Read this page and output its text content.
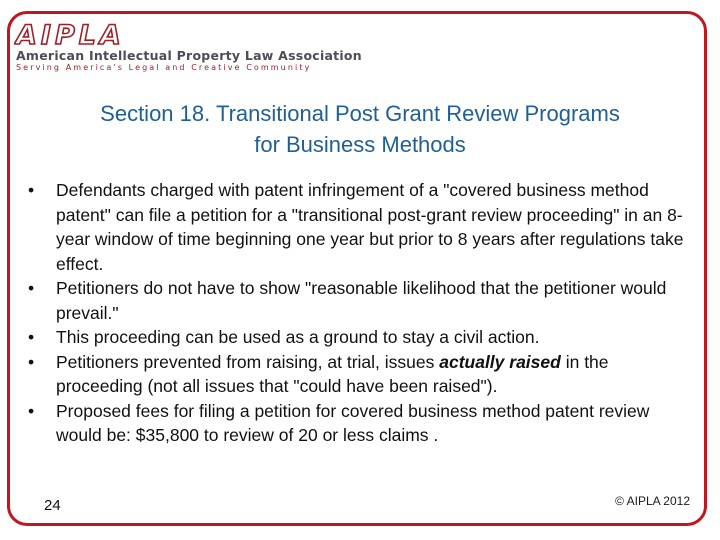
AIPLA
American Intellectual Property Law Association
Serving America's Legal and Creative Community
Section 18. Transitional Post Grant Review Programs
for Business Methods
• Defendants charged with patent infringement of a "covered business method patent" can file a petition for a "transitional post-grant review proceeding" in an 8-year window of time beginning one year but prior to 8 years after regulations take effect.
• Petitioners do not have to show "reasonable likelihood that the petitioner would prevail."
• This proceeding can be used as a ground to stay a civil action.
• Petitioners prevented from raising, at trial, issues actually raised in the proceeding (not all issues that "could have been raised").
• Proposed fees for filing a petition for covered business method patent review would be: $35,800 to review of 20 or less claims .
24	© AIPLA 2012
